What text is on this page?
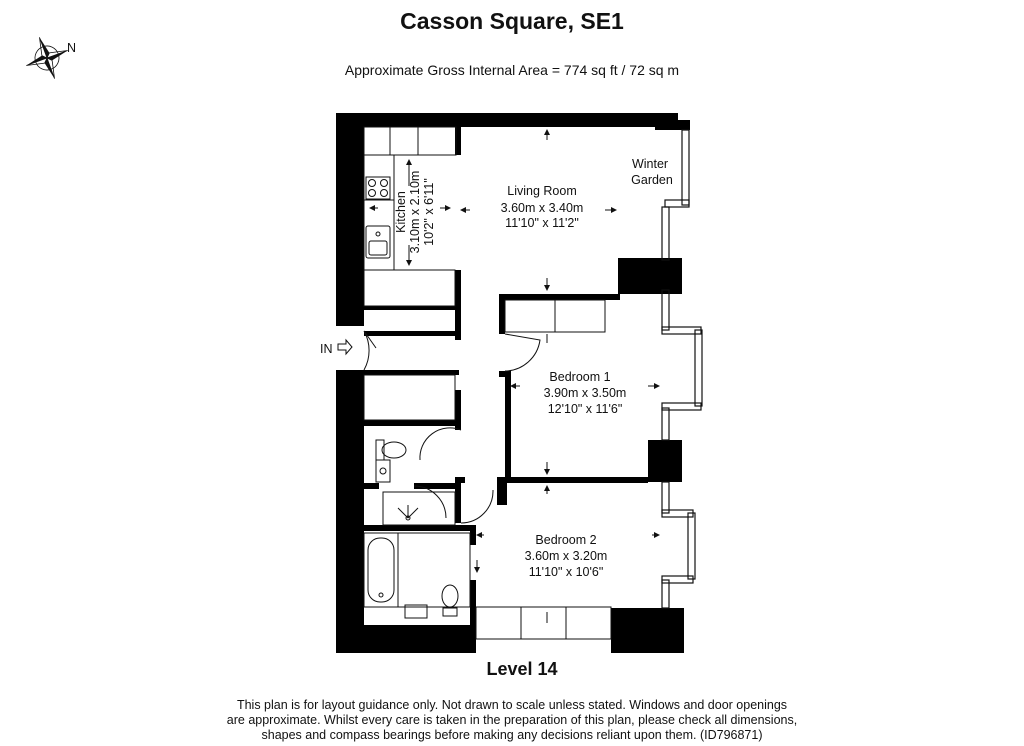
Casson Square, SE1
Approximate Gross Internal Area = 774 sq ft / 72 sq m
N
IN
Kitchen 3.10m x 2.10m 10'2" x 6'11"	Living Room
3.60m x 3.40m
11'10" x 11'2"
Winter
Garden
Bedroom 1
3.90m x 3.50m
12'10" x 11'6"
Bedroom 2
3.60m x 3.20m
11'10" x 10'6"
Level 14
This plan is for layout guidance only. Not drawn to scale unless stated. Windows and door openings
are approximate. Whilst every care is taken in the preparation of this plan, please check all dimensions,
shapes and compass bearings before making any decisions reliant upon them. (ID796871)
